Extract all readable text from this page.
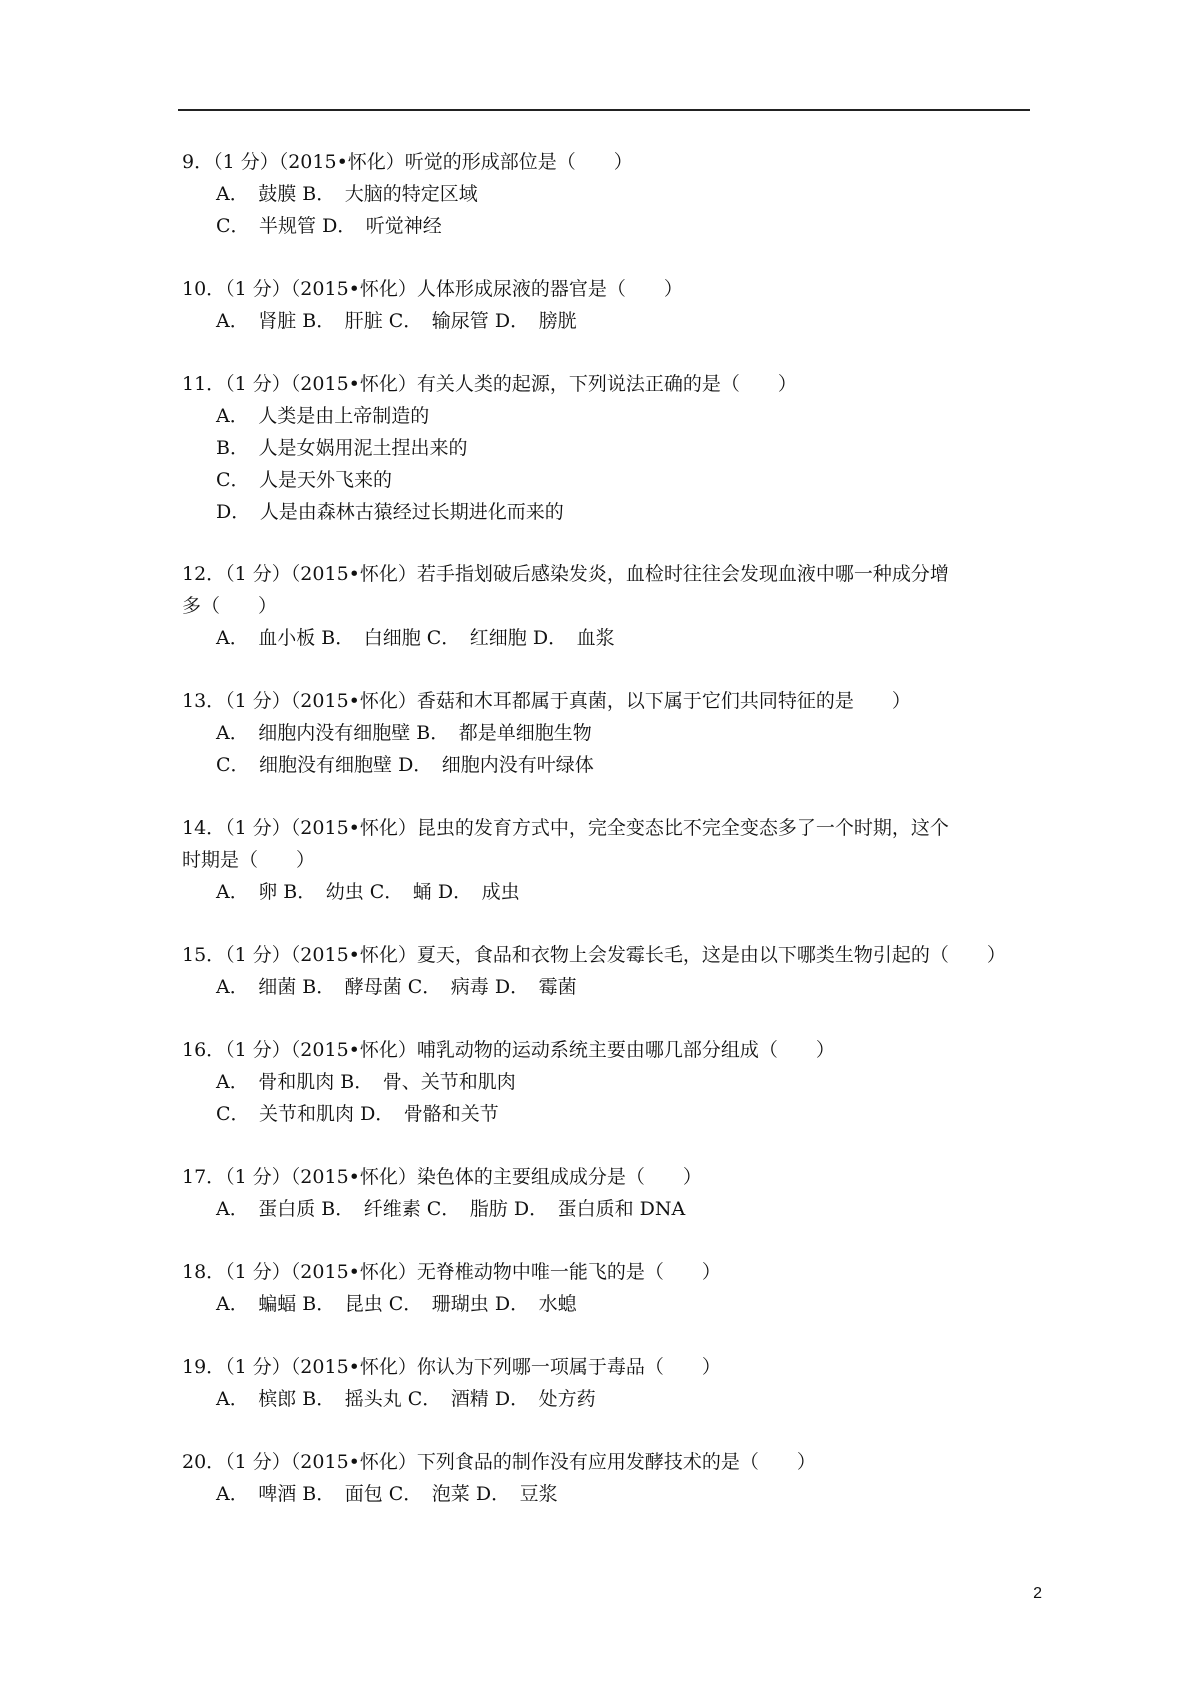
9．（1 分）（2015•怀化）听觉的形成部位是（　　）
A．　鼓膜 B．　大脑的特定区域
C．　半规管 D．　听觉神经
10．（1 分）（2015•怀化）人体形成尿液的器官是（　　）
A．　肾脏 B．　肝脏 C．　输尿管 D．　膀胱
11．（1 分）（2015•怀化）有关人类的起源，下列说法正确的是（　　）
A．　人类是由上帝制造的
B．　人是女娲用泥土捏出来的
C．　人是天外飞来的
D．　人是由森林古猿经过长期进化而来的
12．（1 分）（2015•怀化）若手指划破后感染发炎，血检时往往会发现血液中哪一种成分增
多（　　）
A．　血小板 B．　白细胞 C．　红细胞 D．　血浆
13．（1 分）（2015•怀化）香菇和木耳都属于真菌，以下属于它们共同特征的是　　）
A．　细胞内没有细胞壁 B．　都是单细胞生物
C．　细胞没有细胞壁 D．　细胞内没有叶绿体
14．（1 分）（2015•怀化）昆虫的发育方式中，完全变态比不完全变态多了一个时期，这个
时期是（　　）
A．　卵 B．　幼虫 C．　蛹 D．　成虫
15．（1 分）（2015•怀化）夏天，食品和衣物上会发霉长毛，这是由以下哪类生物引起的（　　）
A．　细菌 B．　酵母菌 C．　病毒 D．　霉菌
16．（1 分）（2015•怀化）哺乳动物的运动系统主要由哪几部分组成（　　）
A．　骨和肌肉 B．　骨、关节和肌肉
C．　关节和肌肉 D．　骨骼和关节
17．（1 分）（2015•怀化）染色体的主要组成成分是（　　）
A．　蛋白质 B．　纤维素 C．　脂肪 D．　蛋白质和 DNA
18．（1 分）（2015•怀化）无脊椎动物中唯一能飞的是（　　）
A．　蝙蝠 B．　昆虫 C．　珊瑚虫 D．　水螅
19．（1 分）（2015•怀化）你认为下列哪一项属于毒品（　　）
A．　槟郎 B．　摇头丸 C．　酒精 D．　处方药
20．（1 分）（2015•怀化）下列食品的制作没有应用发酵技术的是（　　）
A．　啤酒 B．　面包 C．　泡菜 D．　豆浆
2
